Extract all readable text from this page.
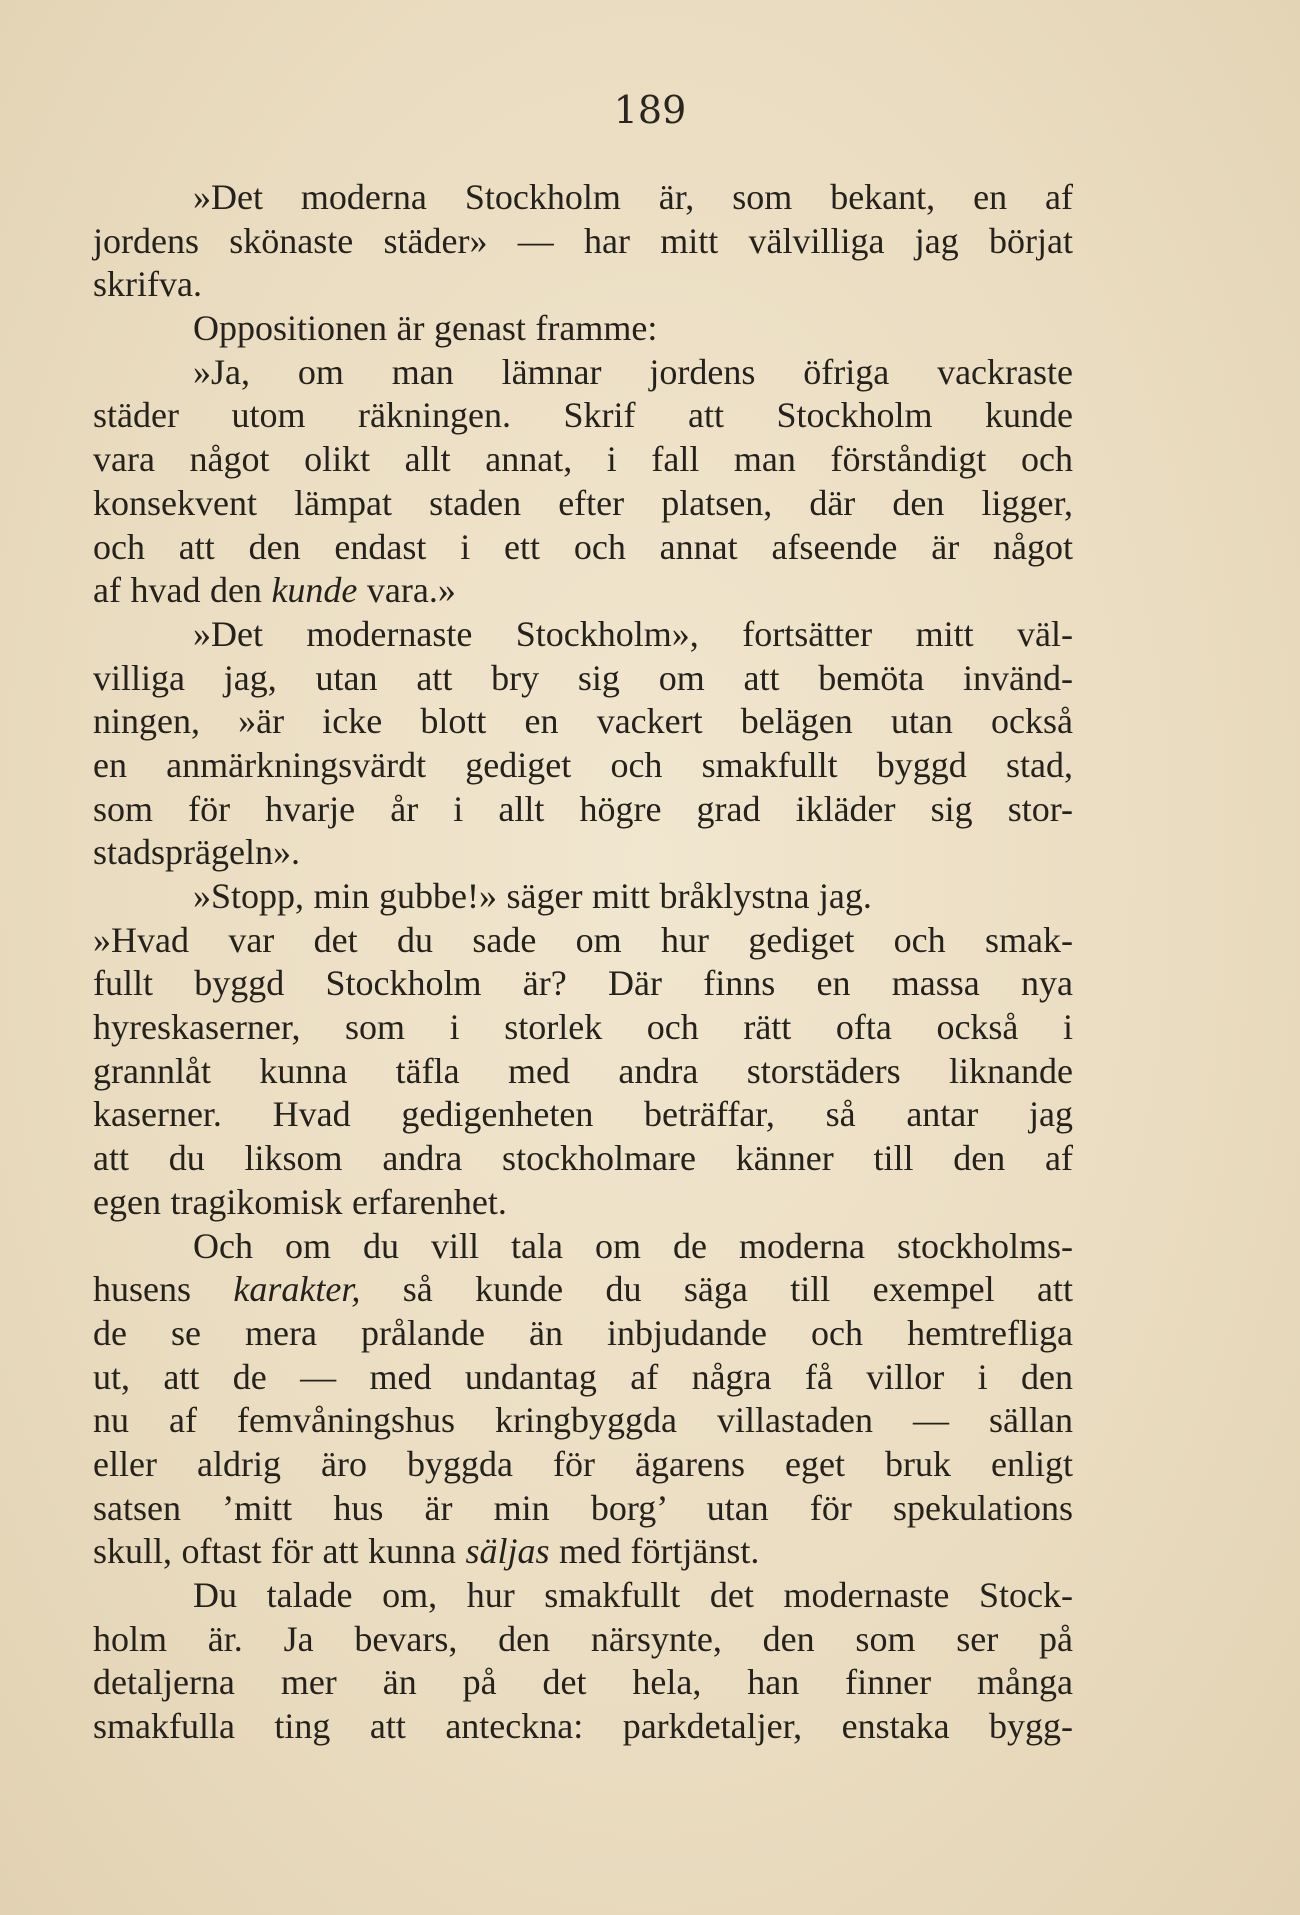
189
»Det moderna Stockholm är, som bekant, en af
jordens skönaste städer» — har mitt välvilliga jag börjat
skrifva.
Oppositionen är genast framme:
»Ja, om man lämnar jordens öfriga vackraste
städer utom räkningen. Skrif att Stockholm kunde
vara något olikt allt annat, i fall man förståndigt och
konsekvent lämpat staden efter platsen, där den ligger,
och att den endast i ett och annat afseende är något
af hvad den kunde vara.»
»Det modernaste Stockholm», fortsätter mitt väl-
villiga jag, utan att bry sig om att bemöta invänd-
ningen, »är icke blott en vackert belägen utan också
en anmärkningsvärdt gediget och smakfullt byggd stad,
som för hvarje år i allt högre grad ikläder sig stor-
stadsprägeln».
»Stopp, min gubbe!» säger mitt bråklystna jag.
»Hvad var det du sade om hur gediget och smak-
fullt byggd Stockholm är? Där finns en massa nya
hyreskaserner, som i storlek och rätt ofta också i
grannlåt kunna täfla med andra storstäders liknande
kaserner. Hvad gedigenheten beträffar, så antar jag
att du liksom andra stockholmare känner till den af
egen tragikomisk erfarenhet.
Och om du vill tala om de moderna stockholms-
husens karakter, så kunde du säga till exempel att
de se mera prålande än inbjudande och hemtrefliga
ut, att de — med undantag af några få villor i den
nu af femvåningshus kringbyggda villastaden — sällan
eller aldrig äro byggda för ägarens eget bruk enligt
satsen ’mitt hus är min borg’ utan för spekulations
skull, oftast för att kunna säljas med förtjänst.
Du talade om, hur smakfullt det modernaste Stock-
holm är. Ja bevars, den närsynte, den som ser på
detaljerna mer än på det hela, han finner många
smakfulla ting att anteckna: parkdetaljer, enstaka bygg-
